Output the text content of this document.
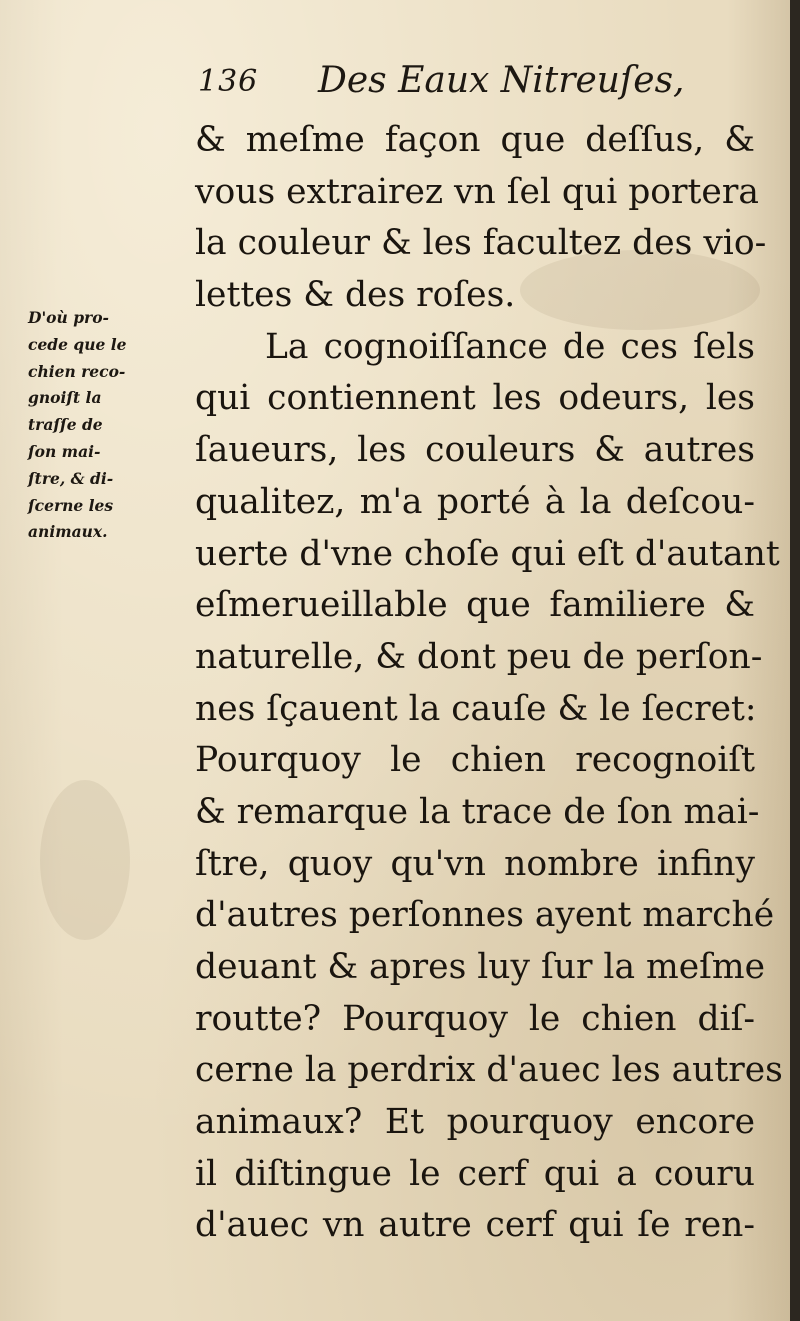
136 Des Eaux Nitreuſes,
D'où pro-
cede que le
chien reco-
gnoiſt la
traſſe de
ſon mai-
ſtre, & di-
ſcerne les
animaux.
& meſme façon que deſſus, &
vous extrairez vn ſel qui portera
la couleur & les facultez des vio-
lettes & des roſes.
La cognoiſſance de ces ſels
qui contiennent les odeurs, les
ſaueurs, les couleurs & autres
qualitez, m'a porté à la deſcou-
uerte d'vne choſe qui eſt d'autant
eſmerueillable que familiere &
naturelle, & dont peu de perſon-
nes ſçauent la cauſe & le ſecret:
Pourquoy le chien recognoiſt
& remarque la trace de ſon mai-
ſtre, quoy qu'vn nombre infiny
d'autres perſonnes ayent marché
deuant & apres luy ſur la meſme
routte? Pourquoy le chien diſ-
cerne la perdrix d'auec les autres
animaux? Et pourquoy encore
il diſtingue le cerf qui a couru
d'auec vn autre cerf qui ſe ren-
